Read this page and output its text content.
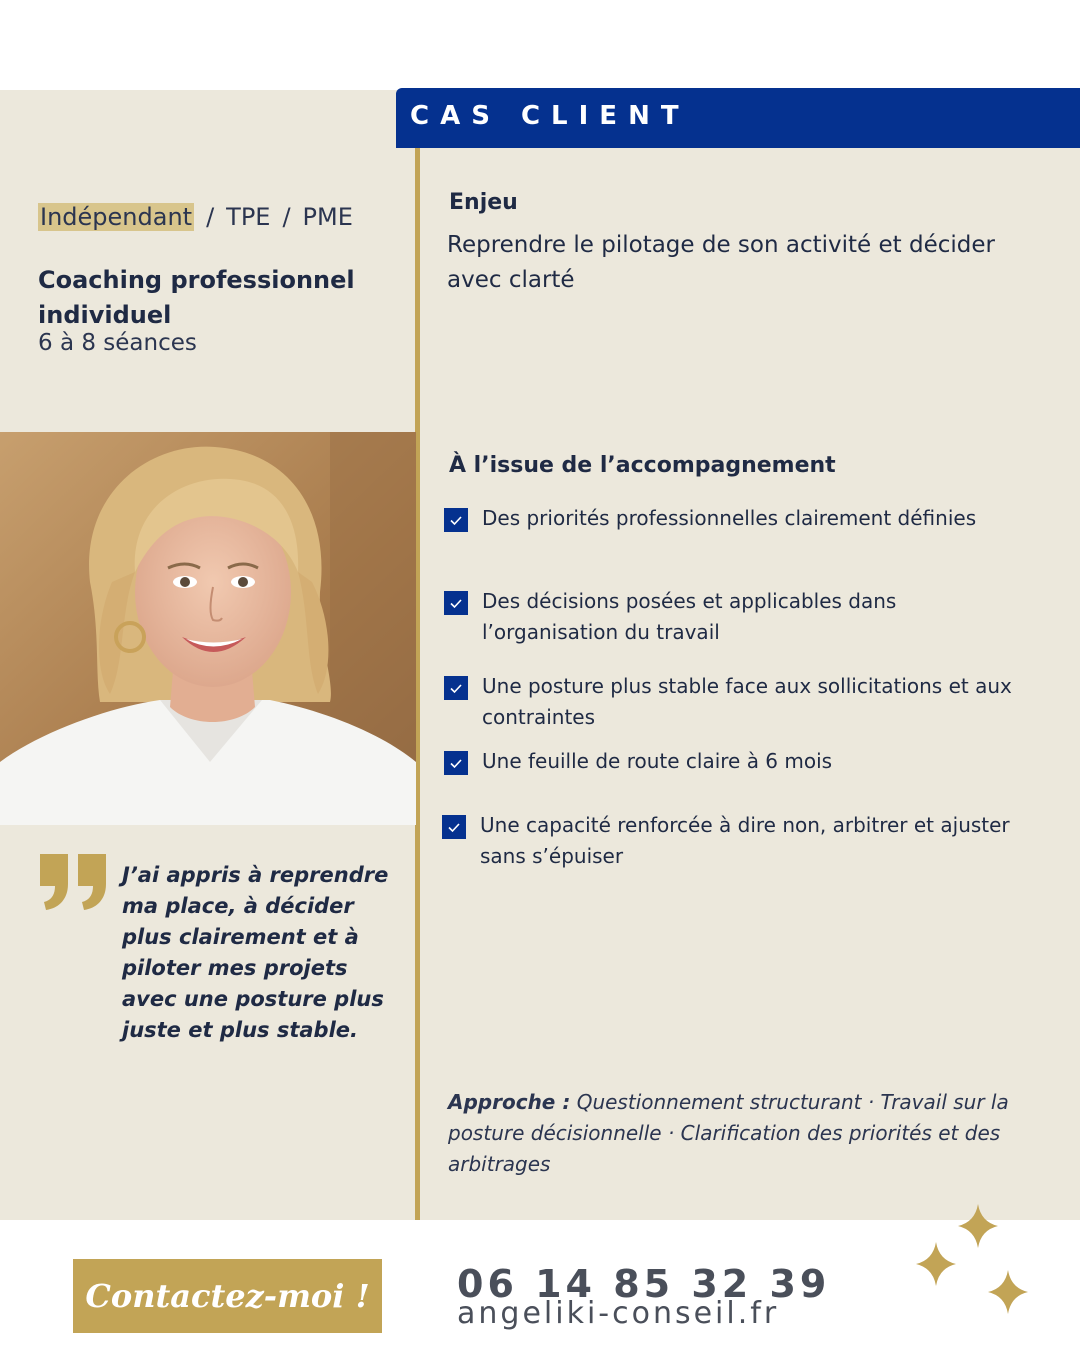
CAS CLIENT
Indépendant / TPE / PME
Coaching professionnel individuel
6 à 8 séances
J’ai appris à reprendre ma place, à décider plus clairement et à piloter mes projets avec une posture plus juste et plus stable.
Enjeu
Reprendre le pilotage de son activité et décider avec clarté
À l’issue de l’accompagnement
Des priorités professionnelles clairement définies
Des décisions posées et applicables dans l’organisation du travail
Une posture plus stable face aux sollicitations et aux contraintes
Une feuille de route claire à 6 mois
Une capacité renforcée à dire non, arbitrer et ajuster sans s’épuiser
Approche : Questionnement structurant · Travail sur la posture décisionnelle · Clarification des priorités et des arbitrages
Contactez-moi !	06 14 85 32 39
angeliki-conseil.fr
